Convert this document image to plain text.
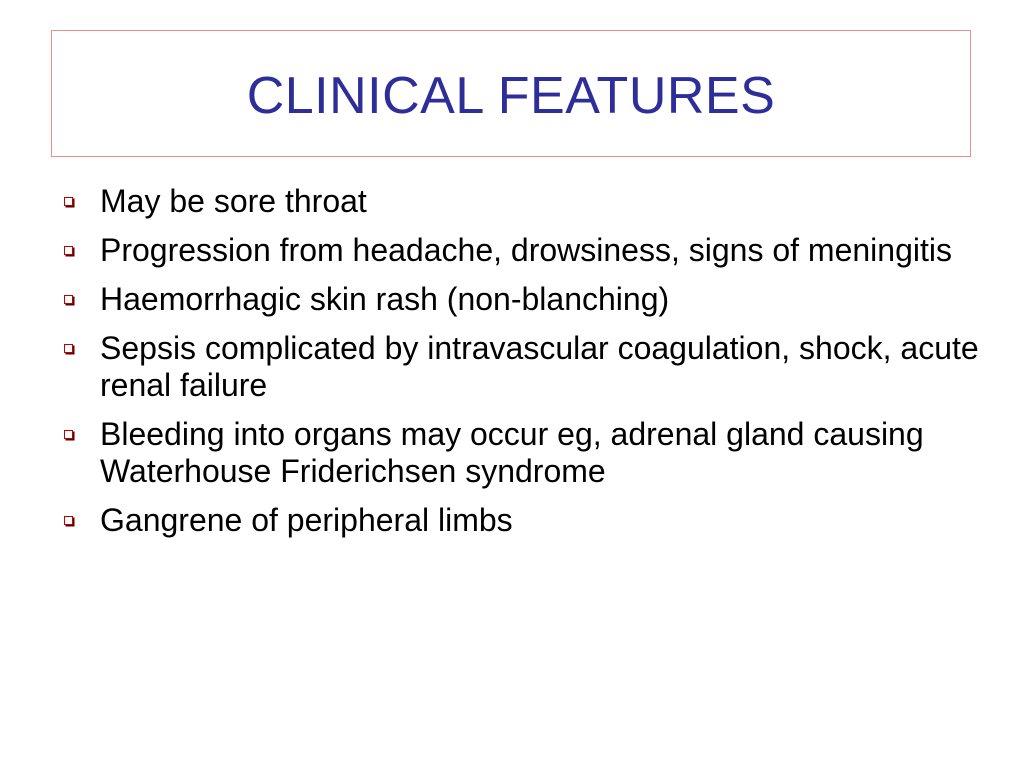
CLINICAL FEATURES
May be sore throat
Progression from headache, drowsiness, signs of meningitis
Haemorrhagic skin rash (non-blanching)
Sepsis complicated by intravascular coagulation, shock, acute renal failure
Bleeding into organs may occur eg, adrenal gland causing Waterhouse Friderichsen syndrome
Gangrene of peripheral limbs
